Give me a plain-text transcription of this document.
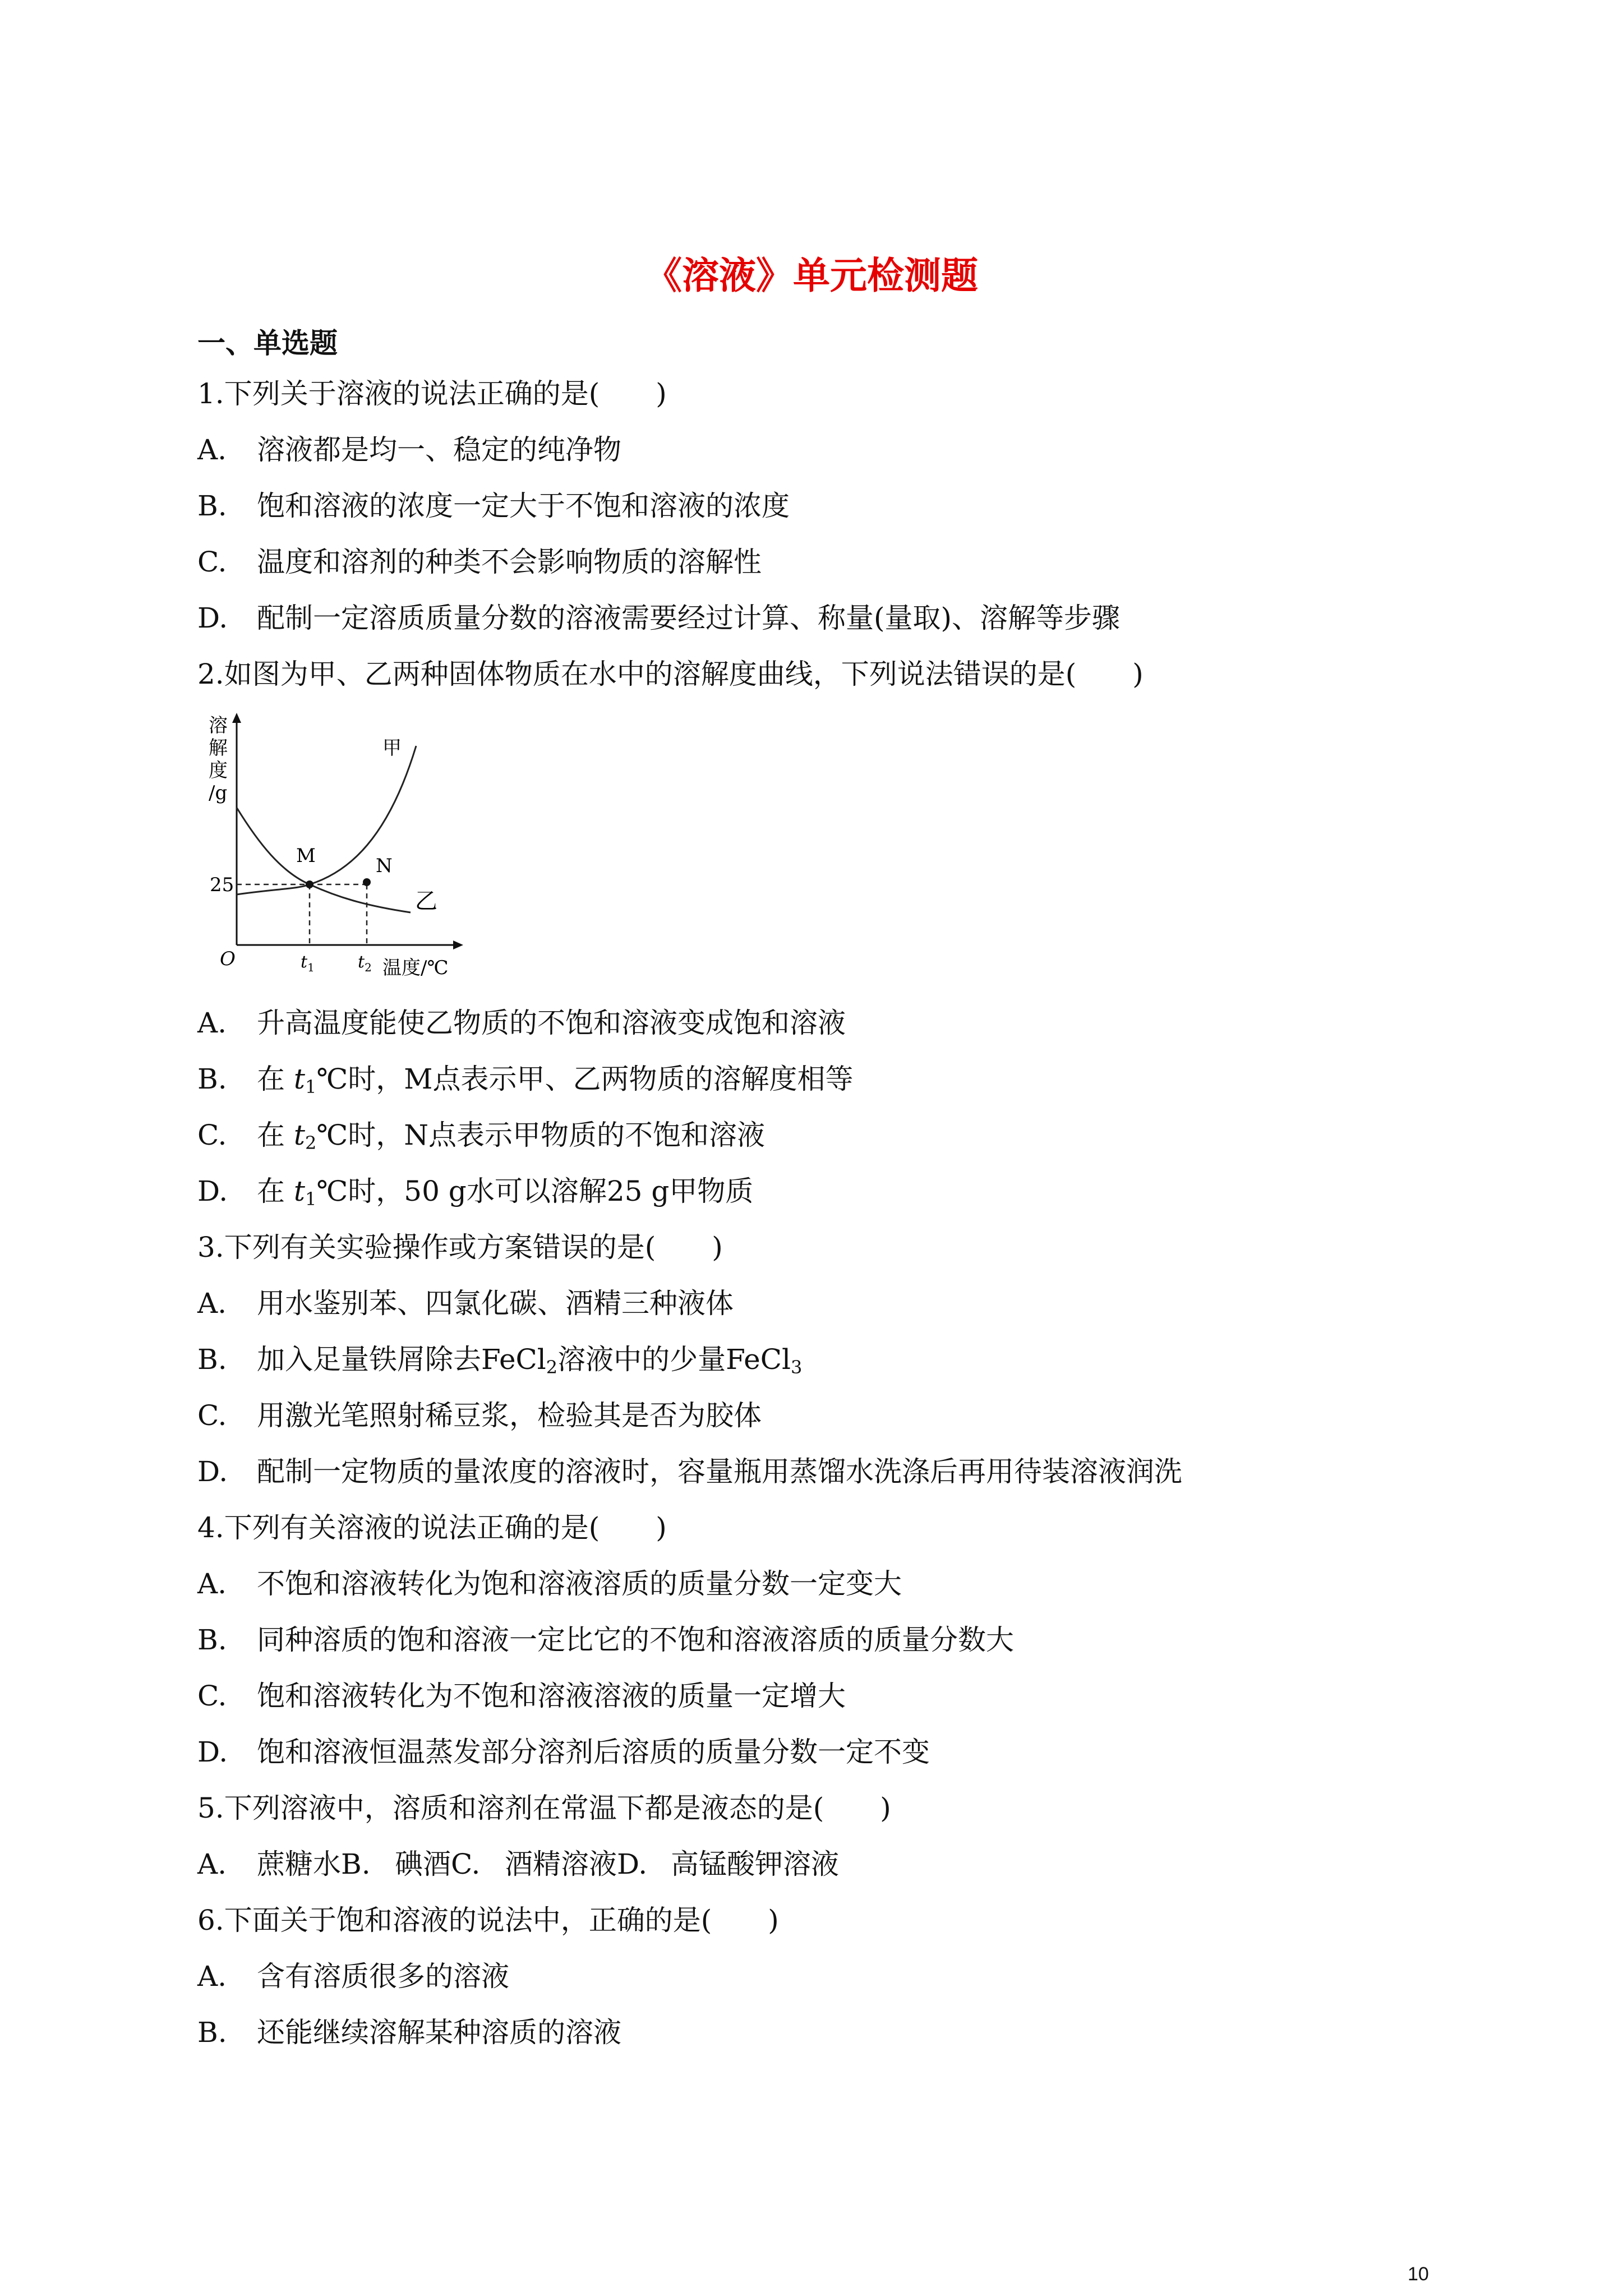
《溶液》单元检测题
一、单选题
1.下列关于溶液的说法正确的是(　　)
A. 溶液都是均一、稳定的纯净物
B. 饱和溶液的浓度一定大于不饱和溶液的浓度
C. 温度和溶剂的种类不会影响物质的溶解性
D. 配制一定溶质质量分数的溶液需要经过计算、称量(量取)、溶解等步骤
2.如图为甲、乙两种固体物质在水中的溶解度曲线，下列说法错误的是(　　)
溶
解
度
/g
O
M	N
甲
乙
25
$t_1$	$t_2$ 温度/℃
A. 升高温度能使乙物质的不饱和溶液变成饱和溶液
B. 在 $t_1℃$时，M点表示甲、乙两物质的溶解度相等
C. 在 $t_2℃$时，N点表示甲物质的不饱和溶液
D. 在 $t_1℃$时，50 g水可以溶解25 g甲物质
3.下列有关实验操作或方案错误的是(　　)
A. 用水鉴别苯、四氯化碳、酒精三种液体
B. 加入足量铁屑除去FeCl$_2$溶液中的少量FeCl$_3$
C. 用激光笔照射稀豆浆，检验其是否为胶体
D. 配制一定物质的量浓度的溶液时，容量瓶用蒸馏水洗涤后再用待装溶液润洗
4.下列有关溶液的说法正确的是(　　)
A. 不饱和溶液转化为饱和溶液溶质的质量分数一定变大
B. 同种溶质的饱和溶液一定比它的不饱和溶液溶质的质量分数大
C. 饱和溶液转化为不饱和溶液溶液的质量一定增大
D. 饱和溶液恒温蒸发部分溶剂后溶质的质量分数一定不变
5.下列溶液中，溶质和溶剂在常温下都是液态的是(　　)
A. 蔗糖水B. 碘酒C. 酒精溶液D. 高锰酸钾溶液
6.下面关于饱和溶液的说法中，正确的是(　　)
A. 含有溶质很多的溶液
B. 还能继续溶解某种溶质的溶液
10
